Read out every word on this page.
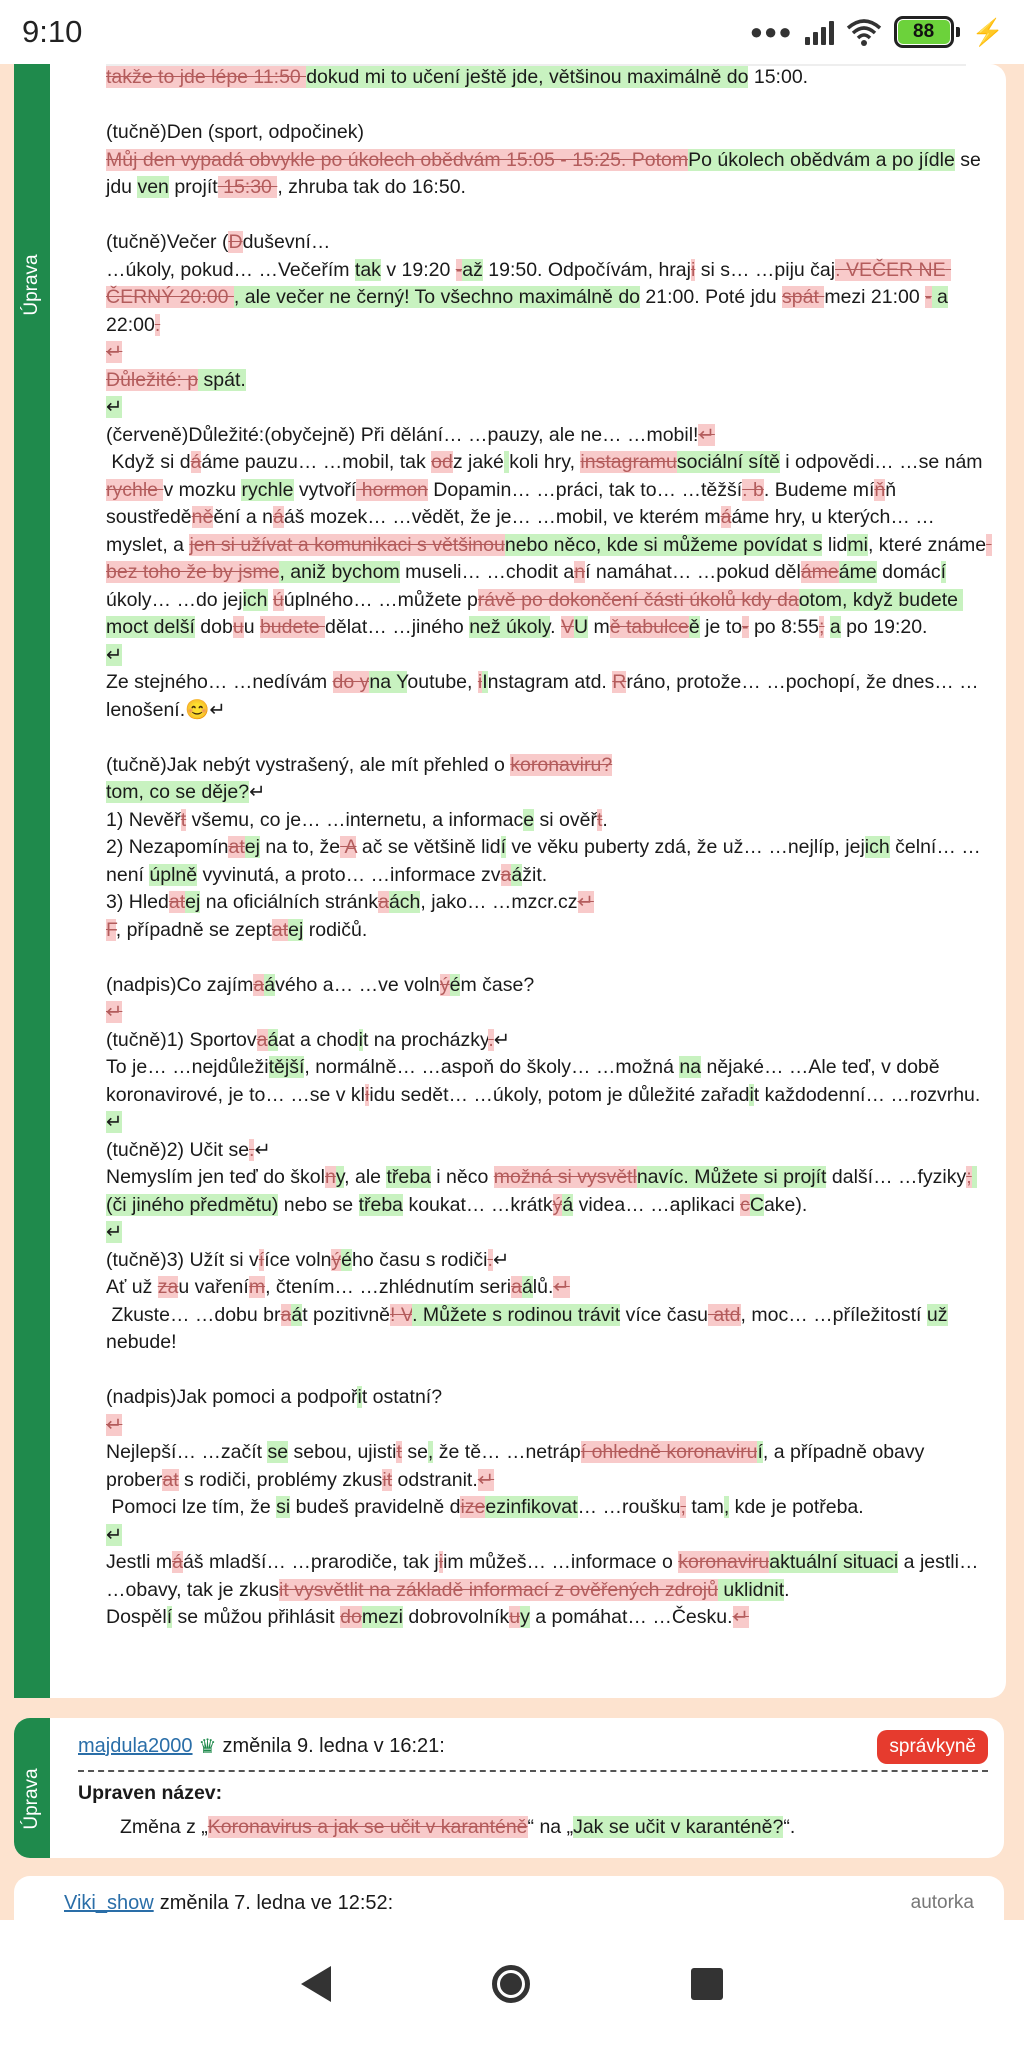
9:10	●●●	88	⚡
Úprava

takže to jde lépe 11:50 dokud mi to učení ještě jde, většinou maximálně do 15:00.

(tučně)Den (sport, odpočinek)

Můj den vypadá obvykle po úkolech obědvám 15:05 - 15:25. PotomPo úkolech obědvám a po jídle se jdu ven projít 15:30 , zhruba tak do 16:50.

(tučně)Večer (Dduševní…

…úkoly, pokud… …Večeřím tak v 19:20 -až 19:50. Odpočívám, hraji si s… …piju čaj. VEČER NE ČERNÝ 20:00 , ale večer ne černý! To všechno maximálně do 21:00. Poté jdu spát mezi 21:00 - a 22:00.

↵

Důležité: p spát.

↵

(červeně)Důležité:(obyčejně) Při dělání… …pauzy, ale ne… …mobil!↵

Když si dááme pauzu… …mobil, tak odz jaké koli hry, instagramusociální sítě i odpovědi… …se nám rychle v mozku rychle vytvoří hormon Dopamin… …práci, tak to… …těžší. b. Budeme míňň soustředěněění a nááš mozek… …vědět, že je… …mobil, ve kterém mááme hry, u kterých… …myslet, a jen si užívat a komunikaci s většinounebo něco, kde si můžeme povídat s lidmi, které známe bez toho že by jsme, aniž bychom museli… …chodit aní namáhat… …pokud dělámeáme domácí úkoly… …do jejich úúplného… …můžete právě po dokončení části úkolů kdy daotom, když budete moct delší dobuu budete dělat… …jiného než úkoly. VU mě tabulceě je to- po 8:55; a po 19:20.

↵

Ze stejného… …nedívám do yna Youtube, iInstagram atd. Rráno, protože… …pochopí, že dnes… …lenošení.😊↵

(tučně)Jak nebýt vystrašený, ale mít přehled o koronaviru?

tom, co se děje?↵

1) Nevěřt všemu, co je… …internetu, a informace si ověřt.

2) Nezapomínatej na to, že A ač se většině lidí ve věku puberty zdá, že už… …nejlíp, jejich čelní… …není úplně vyvinutá, a proto… …informace zvaážit.

3) Hledatej na oficiálních stránkaách, jako… …mzcr.cz↵

F, případně se zeptatej rodičů.

(nadpis)Co zajímaávého a… …ve volnýém čase?

↵

(tučně)1) Sportovaáat a chodit na procházky.↵

To je… …nejdůležitější, normálně… …aspoň do školy… …možná na nějaké… …Ale teď, v době koronavirové, je to… …se v kliidu sedět… …úkoly, potom je důležité zařadit každodenní… …rozvrhu.

↵

(tučně)2) Učit se.↵

Nemyslím jen teď do školny, ale třeba i něco možná si vysvětlnavíc. Můžete si projít další… …fyziky; (či jiného předmětu) nebo se třeba koukat… …krátkýá videa… …aplikaci cCake).

↵

(tučně)3) Užít si vííce volnýého času s rodiči.↵

Ať už zau vařením, čtením… …zhlédnutím seriaálů.↵

Zkuste… …dobu braát pozitivně! V. Můžete s rodinou trávit více času atd, moc… …příležitostí už nebude!

(nadpis)Jak pomoci a podpořit ostatní?

↵

Nejlepší… …začít se sebou, ujistit se, že tě… …netrápí ohledně koronaviruí, a případně obavy proberat s rodiči, problémy zkusit odstranit.↵

Pomoci lze tím, že si budeš pravidelně dizeezinfikovat… …roušku, tam, kde je potřeba.

↵

Jestli mááš mladší… …prarodiče, tak jiim můžeš… …informace o koronaviruaktuální situaci a jestli… …obavy, tak je zkusit vysvětlit na základě informací z ověřených zdrojů uklidnit.

Dospělí se můžou přihlásit domezi dobrovolníkuy a pomáhat… …Česku.↵

Úprava
majdula2000 ♛ změnila 9. ledna v 16:21:	správkyně
Upraven název:
Změna z „Koronavirus a jak se učit v karanténě“ na „Jak se učit v karanténě?“.
Viki_show změnila 7. ledna ve 12:52:	autorka
